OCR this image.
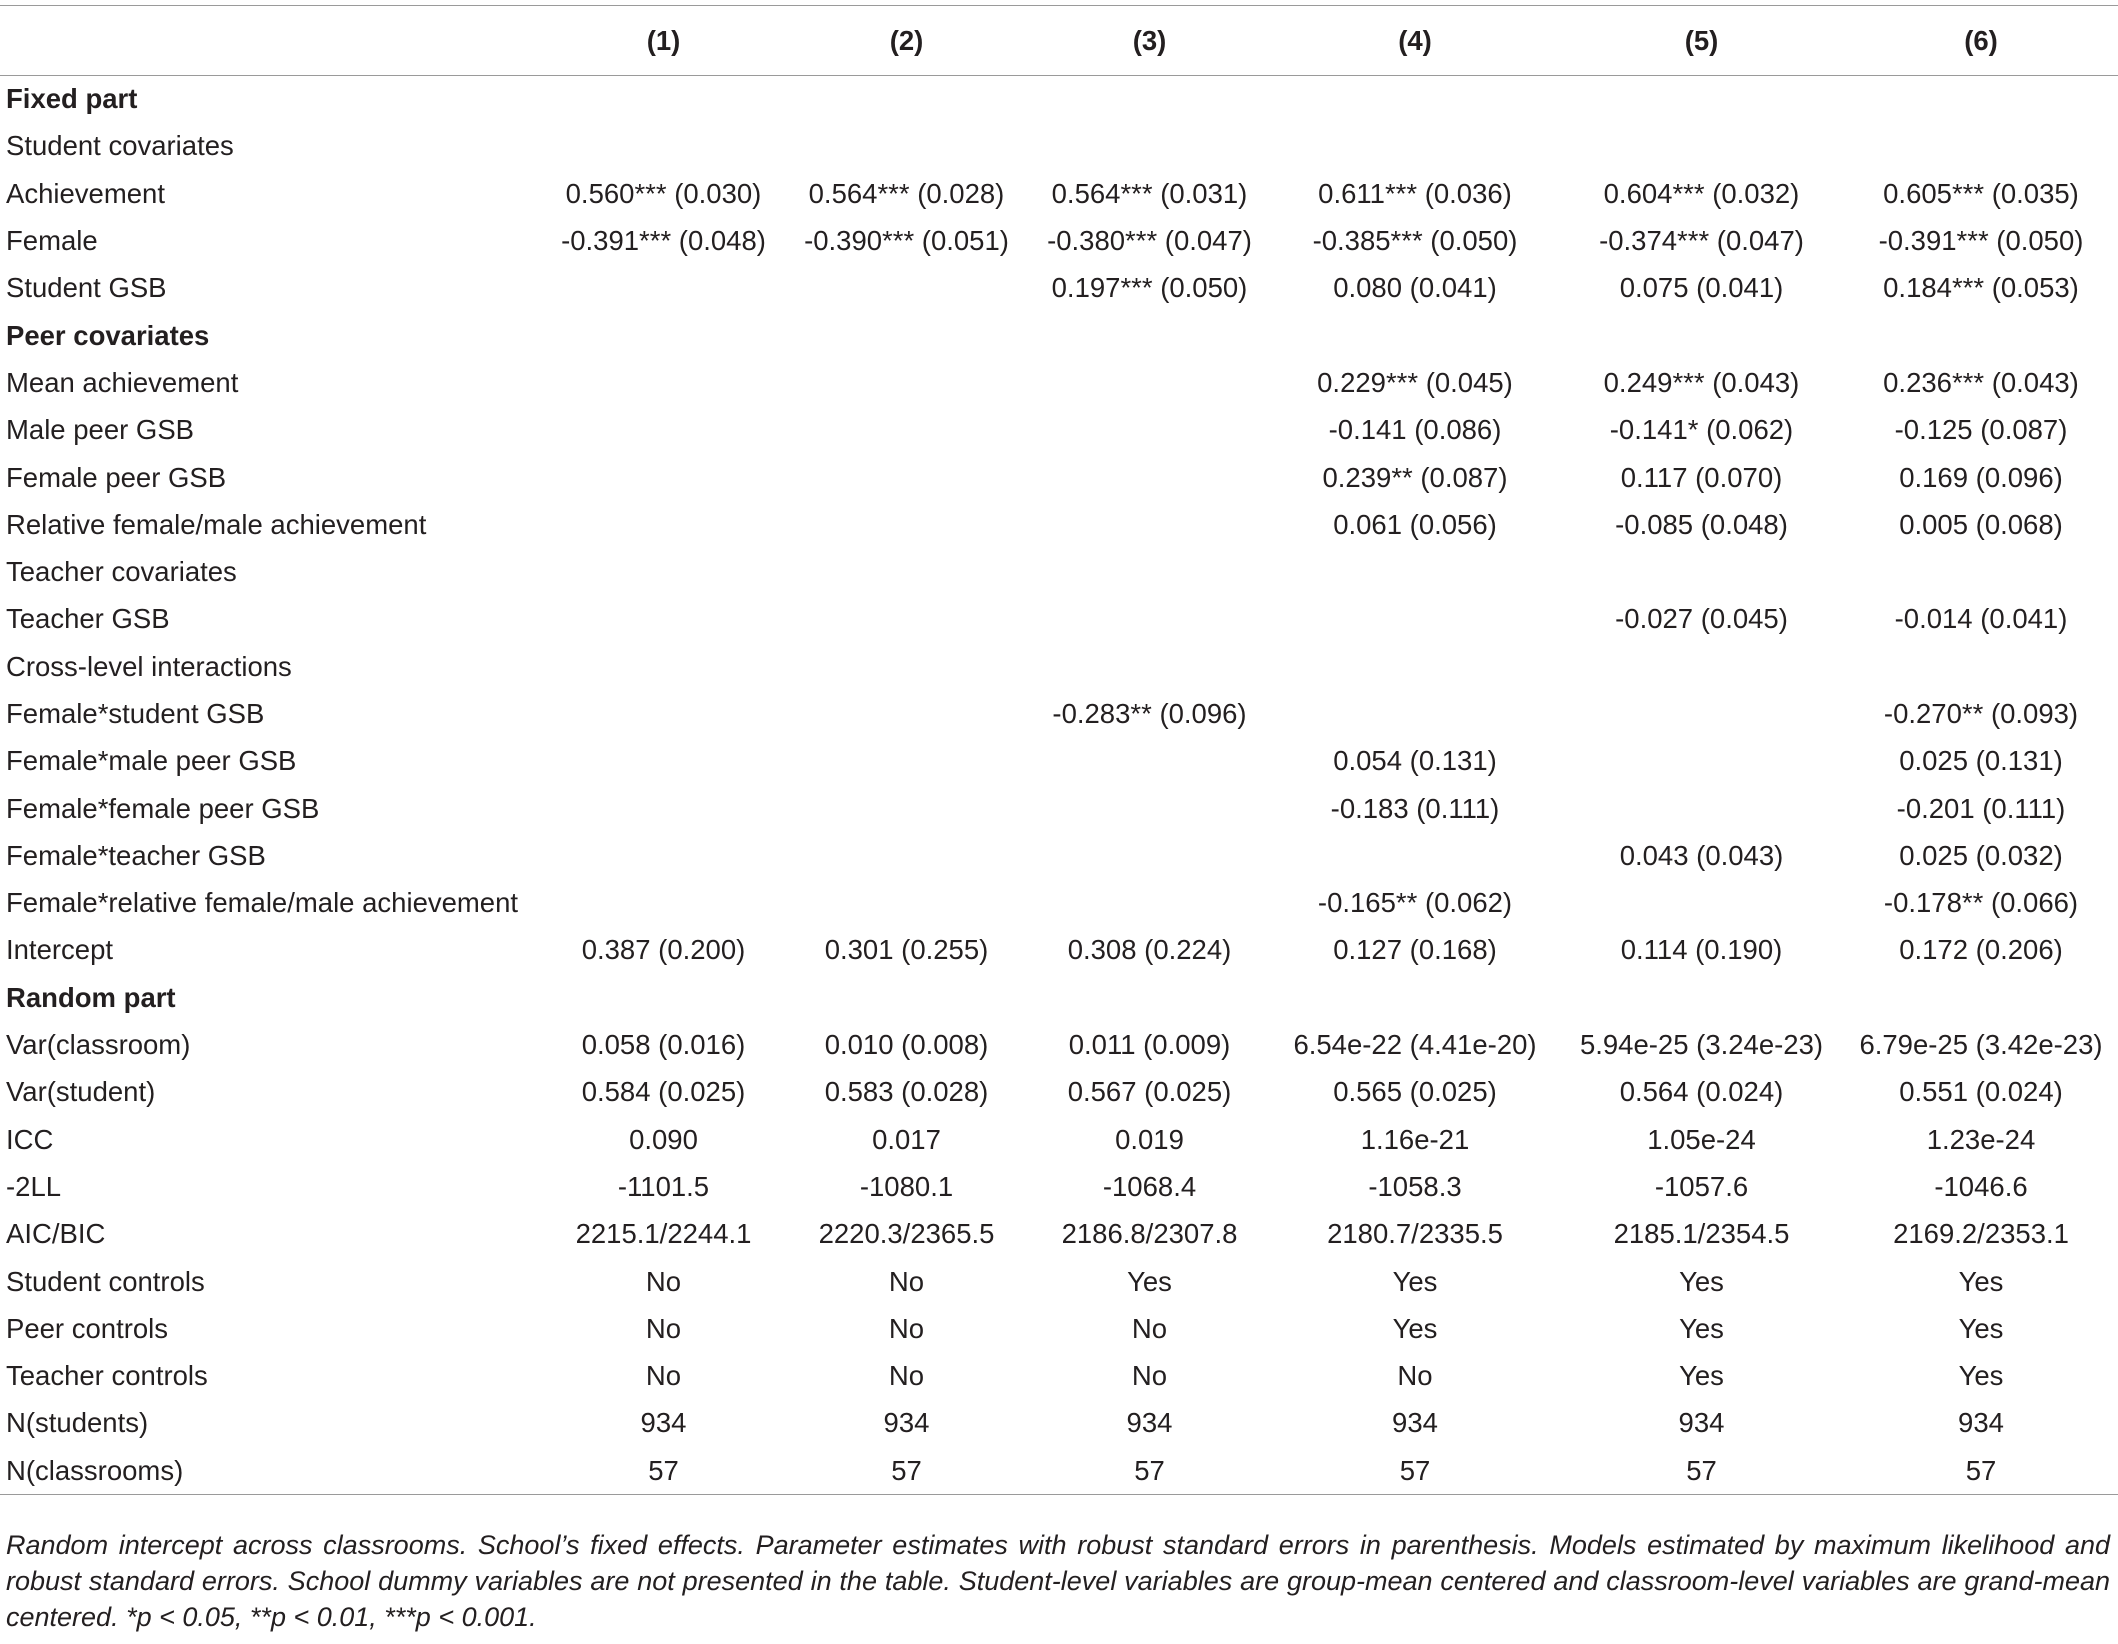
	(1)	(2)	(3)	(4)	(5)	(6)
Fixed part						
Student covariates						
Achievement	0.560*** (0.030)	0.564*** (0.028)	0.564*** (0.031)	0.611*** (0.036)	0.604*** (0.032)	0.605*** (0.035)
Female	-0.391*** (0.048)	-0.390*** (0.051)	-0.380*** (0.047)	-0.385*** (0.050)	-0.374*** (0.047)	-0.391*** (0.050)
Student GSB			0.197*** (0.050)	0.080 (0.041)	0.075 (0.041)	0.184*** (0.053)
Peer covariates						
Mean achievement				0.229*** (0.045)	0.249*** (0.043)	0.236*** (0.043)
Male peer GSB				-0.141 (0.086)	-0.141* (0.062)	-0.125 (0.087)
Female peer GSB				0.239** (0.087)	0.117 (0.070)	0.169 (0.096)
Relative female/male achievement				0.061 (0.056)	-0.085 (0.048)	0.005 (0.068)
Teacher covariates						
Teacher GSB					-0.027 (0.045)	-0.014 (0.041)
Cross-level interactions						
Female*student GSB			-0.283** (0.096)			-0.270** (0.093)
Female*male peer GSB				0.054 (0.131)		0.025 (0.131)
Female*female peer GSB				-0.183 (0.111)		-0.201 (0.111)
Female*teacher GSB					0.043 (0.043)	0.025 (0.032)
Female*relative female/male achievement				-0.165** (0.062)		-0.178** (0.066)
Intercept	0.387 (0.200)	0.301 (0.255)	0.308 (0.224)	0.127 (0.168)	0.114 (0.190)	0.172 (0.206)
Random part						
Var(classroom)	0.058 (0.016)	0.010 (0.008)	0.011 (0.009)	6.54e-22 (4.41e-20)	5.94e-25 (3.24e-23)	6.79e-25 (3.42e-23)
Var(student)	0.584 (0.025)	0.583 (0.028)	0.567 (0.025)	0.565 (0.025)	0.564 (0.024)	0.551 (0.024)
ICC	0.090	0.017	0.019	1.16e-21	1.05e-24	1.23e-24
-2LL	-1101.5	-1080.1	-1068.4	-1058.3	-1057.6	-1046.6
AIC/BIC	2215.1/2244.1	2220.3/2365.5	2186.8/2307.8	2180.7/2335.5	2185.1/2354.5	2169.2/2353.1
Student controls	No	No	Yes	Yes	Yes	Yes
Peer controls	No	No	No	Yes	Yes	Yes
Teacher controls	No	No	No	No	Yes	Yes
N(students)	934	934	934	934	934	934
N(classrooms)	57	57	57	57	57	57

Random intercept across classrooms. School’s fixed effects. Parameter estimates with robust standard errors in parenthesis. Models estimated by maximum likelihood and robust standard errors. School dummy variables are not presented in the table. Student-level variables are group-mean centered and classroom-level variables are grand-mean centered. *p < 0.05, **p < 0.01, ***p < 0.001.
